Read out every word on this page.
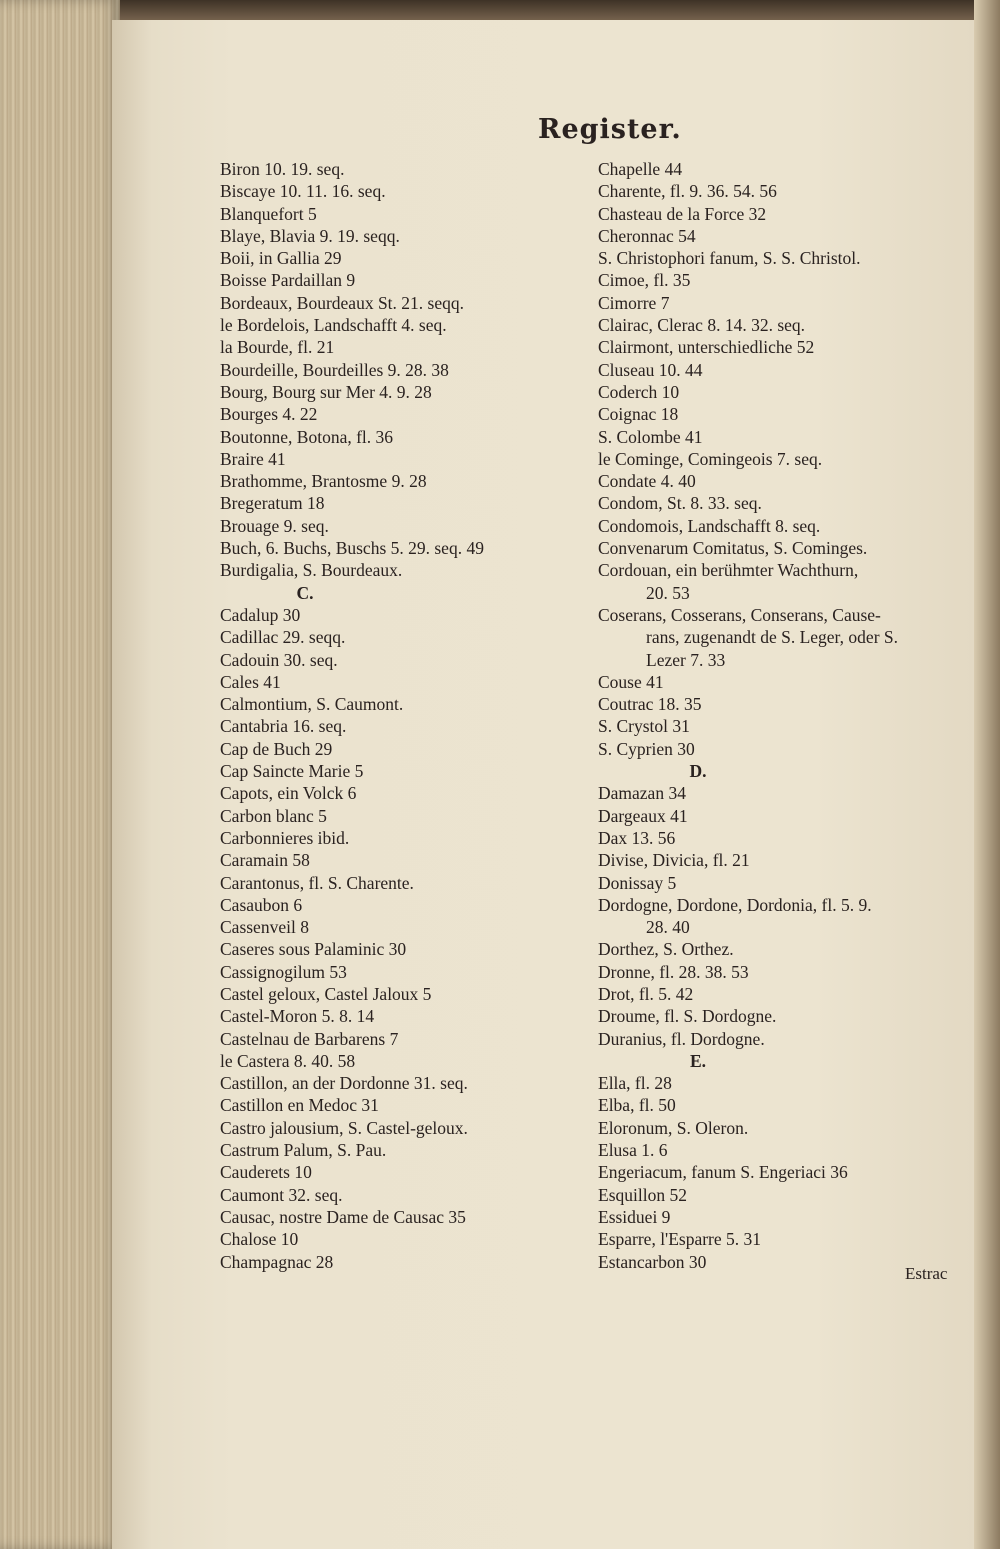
Register.
Biron 10. 19. seq.
Biscaye 10. 11. 16. seq.
Blanquefort 5
Blaye, Blavia 9. 19. seqq.
Boii, in Gallia 29
Boisse Pardaillan 9
Bordeaux, Bourdeaux St. 21. seqq.
le Bordelois, Landschafft 4. seq.
la Bourde, fl. 21
Bourdeille, Bourdeilles 9. 28. 38
Bourg, Bourg sur Mer 4. 9. 28
Bourges 4. 22
Boutonne, Botona, fl. 36
Braire 41
Brathomme, Brantosme 9. 28
Bregeratum 18
Brouage 9. seq.
Buch, 6. Buchs, Buschs 5. 29. seq. 49
Burdigalia, S. Bourdeaux.
C.
Cadalup 30
Cadillac 29. seqq.
Cadouin 30. seq.
Cales 41
Calmontium, S. Caumont.
Cantabria 16. seq.
Cap de Buch 29
Cap Saincte Marie 5
Capots, ein Volck 6
Carbon blanc 5
Carbonnieres ibid.
Caramain 58
Carantonus, fl. S. Charente.
Casaubon 6
Cassenveil 8
Caseres sous Palaminic 30
Cassignogilum 53
Castel geloux, Castel Jaloux 5
Castel-Moron 5. 8. 14
Castelnau de Barbarens 7
le Castera 8. 40. 58
Castillon, an der Dordonne 31. seq.
Castillon en Medoc 31
Castro jalousium, S. Castel-geloux.
Castrum Palum, S. Pau.
Cauderets 10
Caumont 32. seq.
Causac, nostre Dame de Causac 35
Chalose 10
Champagnac 28
Chapelle 44
Charente, fl. 9. 36. 54. 56
Chasteau de la Force 32
Cheronnac 54
S. Christophori fanum, S. S. Christol.
Cimoe, fl. 35
Cimorre 7
Clairac, Clerac 8. 14. 32. seq.
Clairmont, unterschiedliche 52
Cluseau 10. 44
Coderch 10
Coignac 18
S. Colombe 41
le Cominge, Comingeois 7. seq.
Condate 4. 40
Condom, St. 8. 33. seq.
Condomois, Landschafft 8. seq.
Convenarum Comitatus, S. Cominges.
Cordouan, ein berühmter Wachthurn,
20. 53
Coserans, Cosserans, Conserans, Cause-
rans, zugenandt de S. Leger, oder S.
Lezer 7. 33
Couse 41
Coutrac 18. 35
S. Crystol 31
S. Cyprien 30
D.
Damazan 34
Dargeaux 41
Dax 13. 56
Divise, Divicia, fl. 21
Donissay 5
Dordogne, Dordone, Dordonia, fl. 5. 9.
28. 40
Dorthez, S. Orthez.
Dronne, fl. 28. 38. 53
Drot, fl. 5. 42
Droume, fl. S. Dordogne.
Duranius, fl. Dordogne.
E.
Ella, fl. 28
Elba, fl. 50
Eloronum, S. Oleron.
Elusa 1. 6
Engeriacum, fanum S. Engeriaci 36
Esquillon 52
Essiduei 9
Esparre, l'Esparre 5. 31
Estancarbon 30
Estrac
